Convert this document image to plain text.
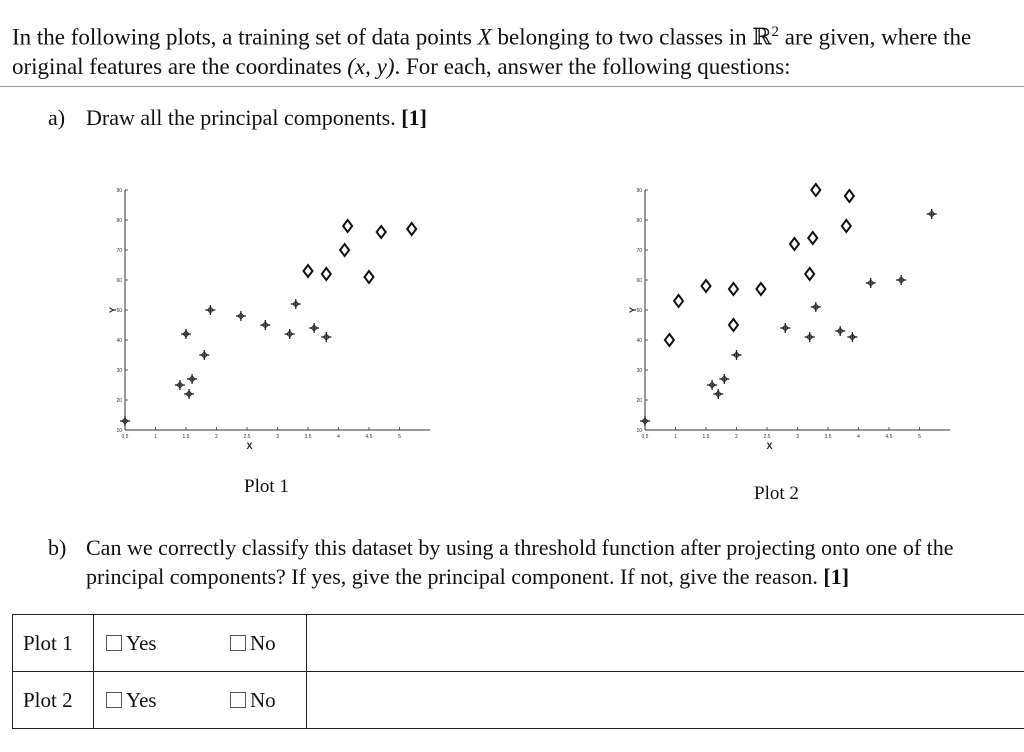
In the following plots, a training set of data points X belonging to two classes in ℝ$^2$ are given, where the
original features are the coordinates (x, y). For each, answer the following questions:
a) Draw all the principal components. [1]
0.5	1	1.5	2	2.5	3	3.5	4	4.5	5
10
20
30
40
50
60
70
80
90
X
Y
Plot 1
0.5	1	1.5	2	2.5	3	3.5	4	4.5	5
10
20
30
40
50
60
70
80
90
X
Y
Plot 2
b) Can we correctly classify this dataset by using a threshold function after projecting onto one of the
principal components? If yes, give the principal component. If not, give the reason. [1]
Plot 1	Yes No	
Plot 2	Yes No	
